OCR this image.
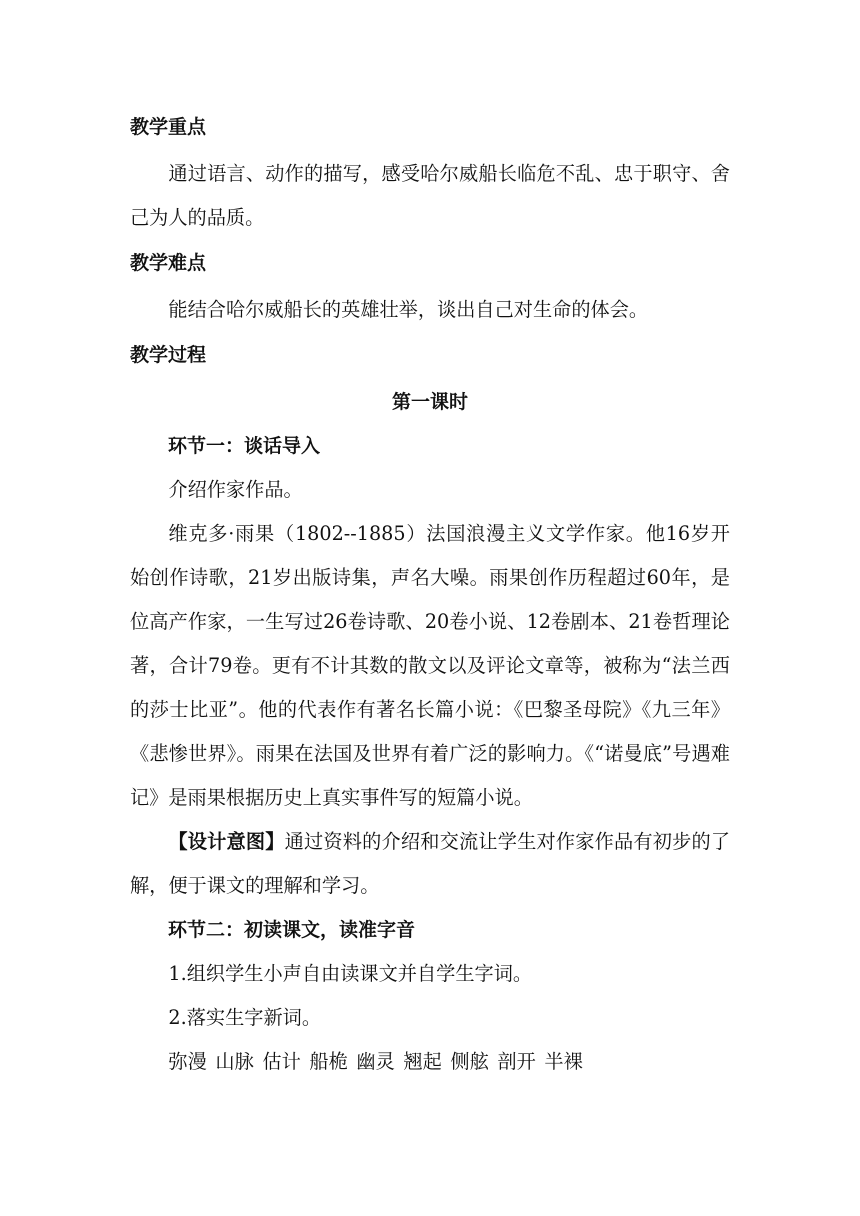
教学重点

通过语言、动作的描写，感受哈尔威船长临危不乱、忠于职守、舍己为人的品质。

教学难点

能结合哈尔威船长的英雄壮举，谈出自己对生命的体会。

教学过程
第一课时
环节一：谈话导入

介绍作家作品。

维克多·雨果（1802--1885）法国浪漫主义文学作家。他16岁开始创作诗歌，21岁出版诗集，声名大噪。雨果创作历程超过60年，是位高产作家，一生写过26卷诗歌、20卷小说、12卷剧本、21卷哲理论著，合计79卷。更有不计其数的散文以及评论文章等，被称为“法兰西的莎士比亚”。他的代表作有著名长篇小说：《巴黎圣母院》《九三年》《悲惨世界》。雨果在法国及世界有着广泛的影响力。《“诺曼底”号遇难记》是雨果根据历史上真实事件写的短篇小说。

【设计意图】通过资料的介绍和交流让学生对作家作品有初步的了解，便于课文的理解和学习。

环节二：初读课文，读准字音

1.组织学生小声自由读课文并自学生字词。

2.落实生字新词。

弥漫 山脉 估计 船桅 幽灵 翘起 侧舷 剖开 半裸
